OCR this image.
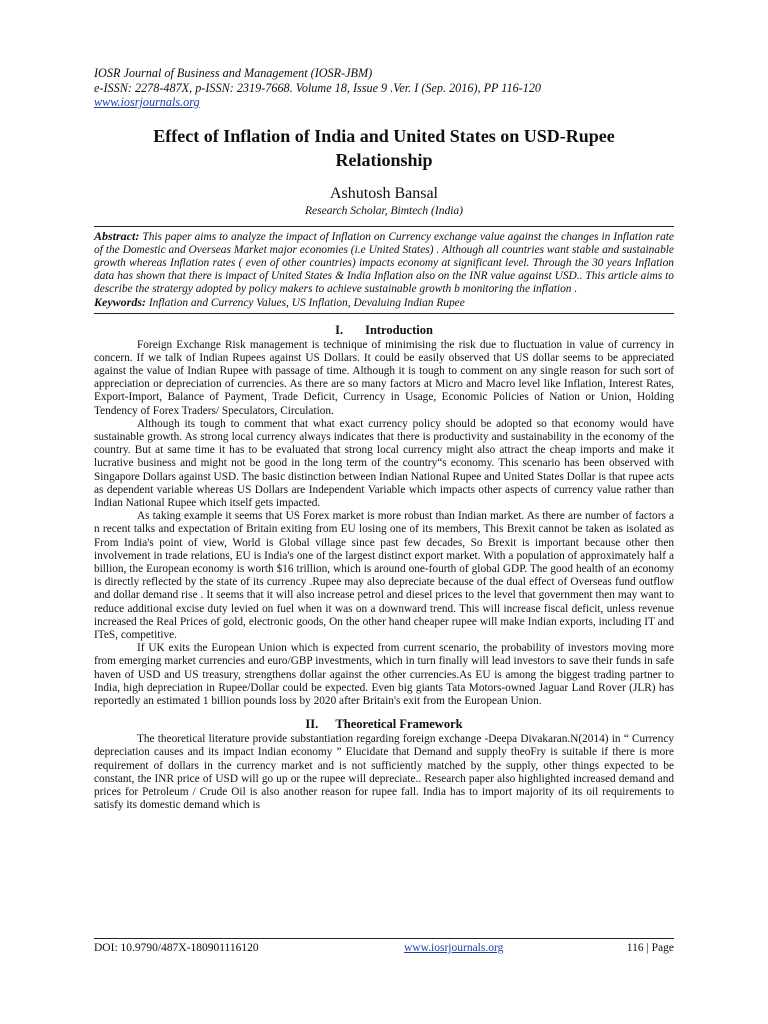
IOSR Journal of Business and Management (IOSR-JBM)
e-ISSN: 2278-487X, p-ISSN: 2319-7668. Volume 18, Issue 9 .Ver. I (Sep. 2016), PP 116-120
www.iosrjournals.org
Effect of Inflation of India and United States on USD-Rupee
Relationship
Ashutosh Bansal
Research Scholar, Bimtech (India)
Abstract: This paper aims to analyze the impact of Inflation on Currency exchange value against the changes in Inflation rate of the Domestic and Overseas Market major economies (i.e United States) . Although all countries want stable and sustainable growth whereas Inflation rates ( even of other countries) impacts economy at significant level. Through the 30 years Inflation data has shown that there is impact of United States & India Inflation also on the INR value against USD.. This article aims to describe the stratergy adopted by policy makers to achieve sustainable growth b monitoring the inflation .
Keywords: Inflation and Currency Values, US Inflation, Devaluing Indian Rupee
I. Introduction

Foreign Exchange Risk management is technique of minimising the risk due to fluctuation in value of currency in concern. If we talk of Indian Rupees against US Dollars. It could be easily observed that US dollar seems to be appreciated against the value of Indian Rupee with passage of time. Although it is tough to comment on any single reason for such sort of appreciation or depreciation of currencies. As there are so many factors at Micro and Macro level like Inflation, Interest Rates, Export-Import, Balance of Payment, Trade Deficit, Currency in Usage, Economic Policies of Nation or Union, Holding Tendency of Forex Traders/ Speculators, Circulation.

Although its tough to comment that what exact currency policy should be adopted so that economy would have sustainable growth. As strong local currency always indicates that there is productivity and sustainability in the economy of the country. But at same time it has to be evaluated that strong local currency might also attract the cheap imports and make it lucrative business and might not be good in the long term of the country“s economy. This scenario has been observed with Singapore Dollars against USD. The basic distinction between Indian National Rupee and United States Dollar is that rupee acts as dependent variable whereas US Dollars are Independent Variable which impacts other aspects of currency value rather than Indian National Rupee which itself gets impacted.

As taking example it seems that US Forex market is more robust than Indian market. As there are number of factors a n recent talks and expectation of Britain exiting from EU losing one of its members, This Brexit cannot be taken as isolated as From India's point of view, World is Global village since past few decades, So Brexit is important because other then involvement in trade relations, EU is India's one of the largest distinct export market. With a population of approximately half a billion, the European economy is worth $16 trillion, which is around one-fourth of global GDP. The good health of an economy is directly reflected by the state of its currency .Rupee may also depreciate because of the dual effect of Overseas fund outflow and dollar demand rise . It seems that it will also increase petrol and diesel prices to the level that government then may want to reduce additional excise duty levied on fuel when it was on a downward trend. This will increase fiscal deficit, unless revenue increased the Real Prices of gold, electronic goods, On the other hand cheaper rupee will make Indian exports, including IT and ITeS, competitive.

If UK exits the European Union which is expected from current scenario, the probability of investors moving more from emerging market currencies and euro/GBP investments, which in turn finally will lead investors to save their funds in safe haven of USD and US treasury, strengthens dollar against the other currencies.As EU is among the biggest trading partner to India, high depreciation in Rupee/Dollar could be expected. Even big giants Tata Motors-owned Jaguar Land Rover (JLR) has reportedly an estimated 1 billion pounds loss by 2020 after Britain's exit from the European Union.

II. Theoretical Framework

The theoretical literature provide substantiation regarding foreign exchange -Deepa Divakaran.N(2014) in “ Currency depreciation causes and its impact Indian economy ” Elucidate that Demand and supply theoFry is suitable if there is more requirement of dollars in the currency market and is not sufficiently matched by the supply, other things expected to be constant, the INR price of USD will go up or the rupee will depreciate.. Research paper also highlighted increased demand and prices for Petroleum / Crude Oil is also another reason for rupee fall. India has to import majority of its oil requirements to satisfy its domestic demand which is

DOI: 10.9790/487X-180901116120	www.iosrjournals.org	116 | Page
